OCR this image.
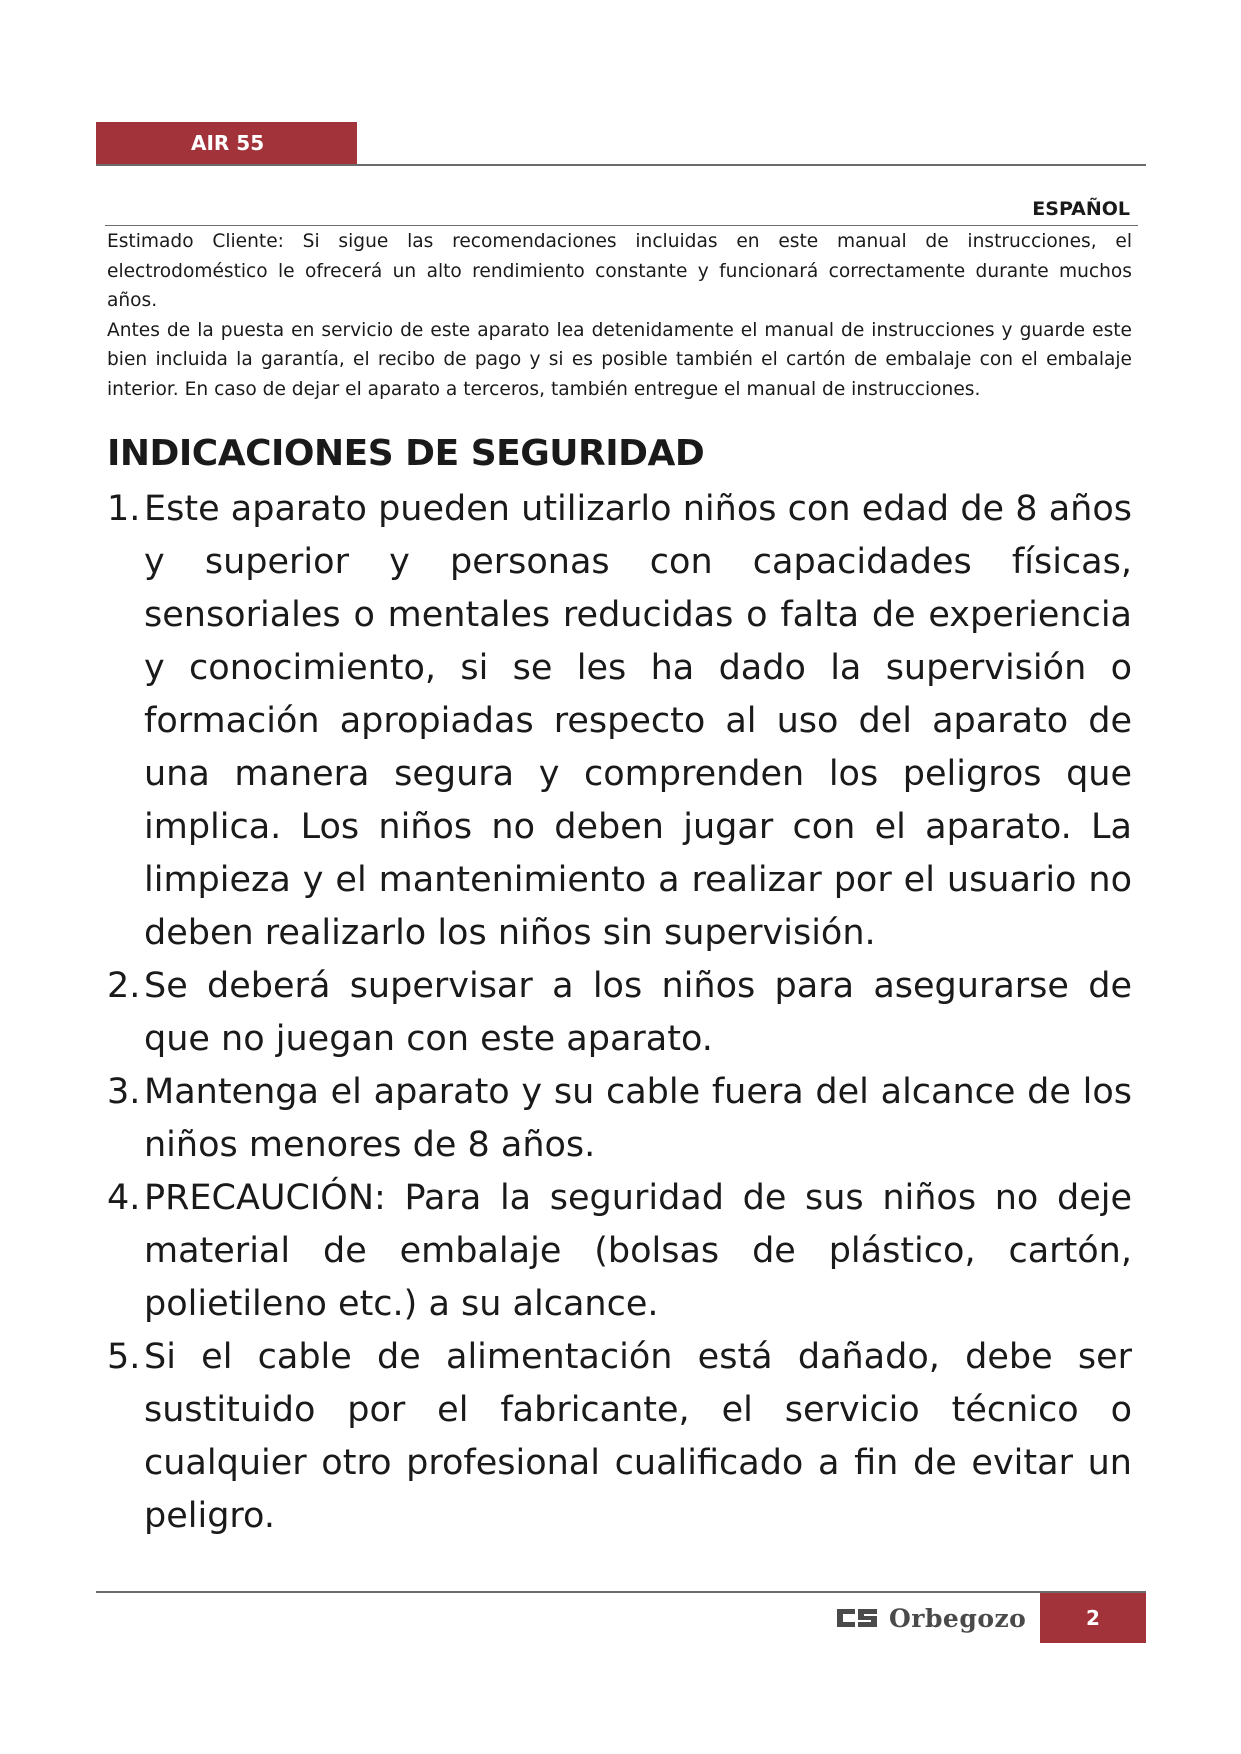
AIR 55
ESPAÑOL

Estimado Cliente: Si sigue las recomendaciones incluidas en este manual de instrucciones, el electrodoméstico le ofrecerá un alto rendimiento constante y funcionará correctamente durante muchos años.

Antes de la puesta en servicio de este aparato lea detenidamente el manual de instrucciones y guarde este bien incluida la garantía, el recibo de pago y si es posible también el cartón de embalaje con el embalaje interior. En caso de dejar el aparato a terceros, también entregue el manual de instrucciones.

INDICACIONES DE SEGURIDAD
1. Este aparato pueden utilizarlo niños con edad de 8 años y superior y personas con capacidades físicas, sensoriales o mentales reducidas o falta de experiencia y conocimiento, si se les ha dado la supervisión o formación apropiadas respecto al uso del aparato de una manera segura y comprenden los peligros que implica. Los niños no deben jugar con el aparato. La limpieza y el mantenimiento a realizar por el usuario no deben realizarlo los niños sin supervisión.
2. Se deberá supervisar a los niños para asegurarse de que no juegan con este aparato.
3. Mantenga el aparato y su cable fuera del alcance de los niños menores de 8 años.
4. PRECAUCIÓN: Para la seguridad de sus niños no deje material de embalaje (bolsas de plástico, cartón, polietileno etc.) a su alcance.
5. Si el cable de alimentación está dañado, debe ser sustituido por el fabricante, el servicio técnico o cualquier otro profesional cualificado a fin de evitar un peligro.
Orbegozo	2
